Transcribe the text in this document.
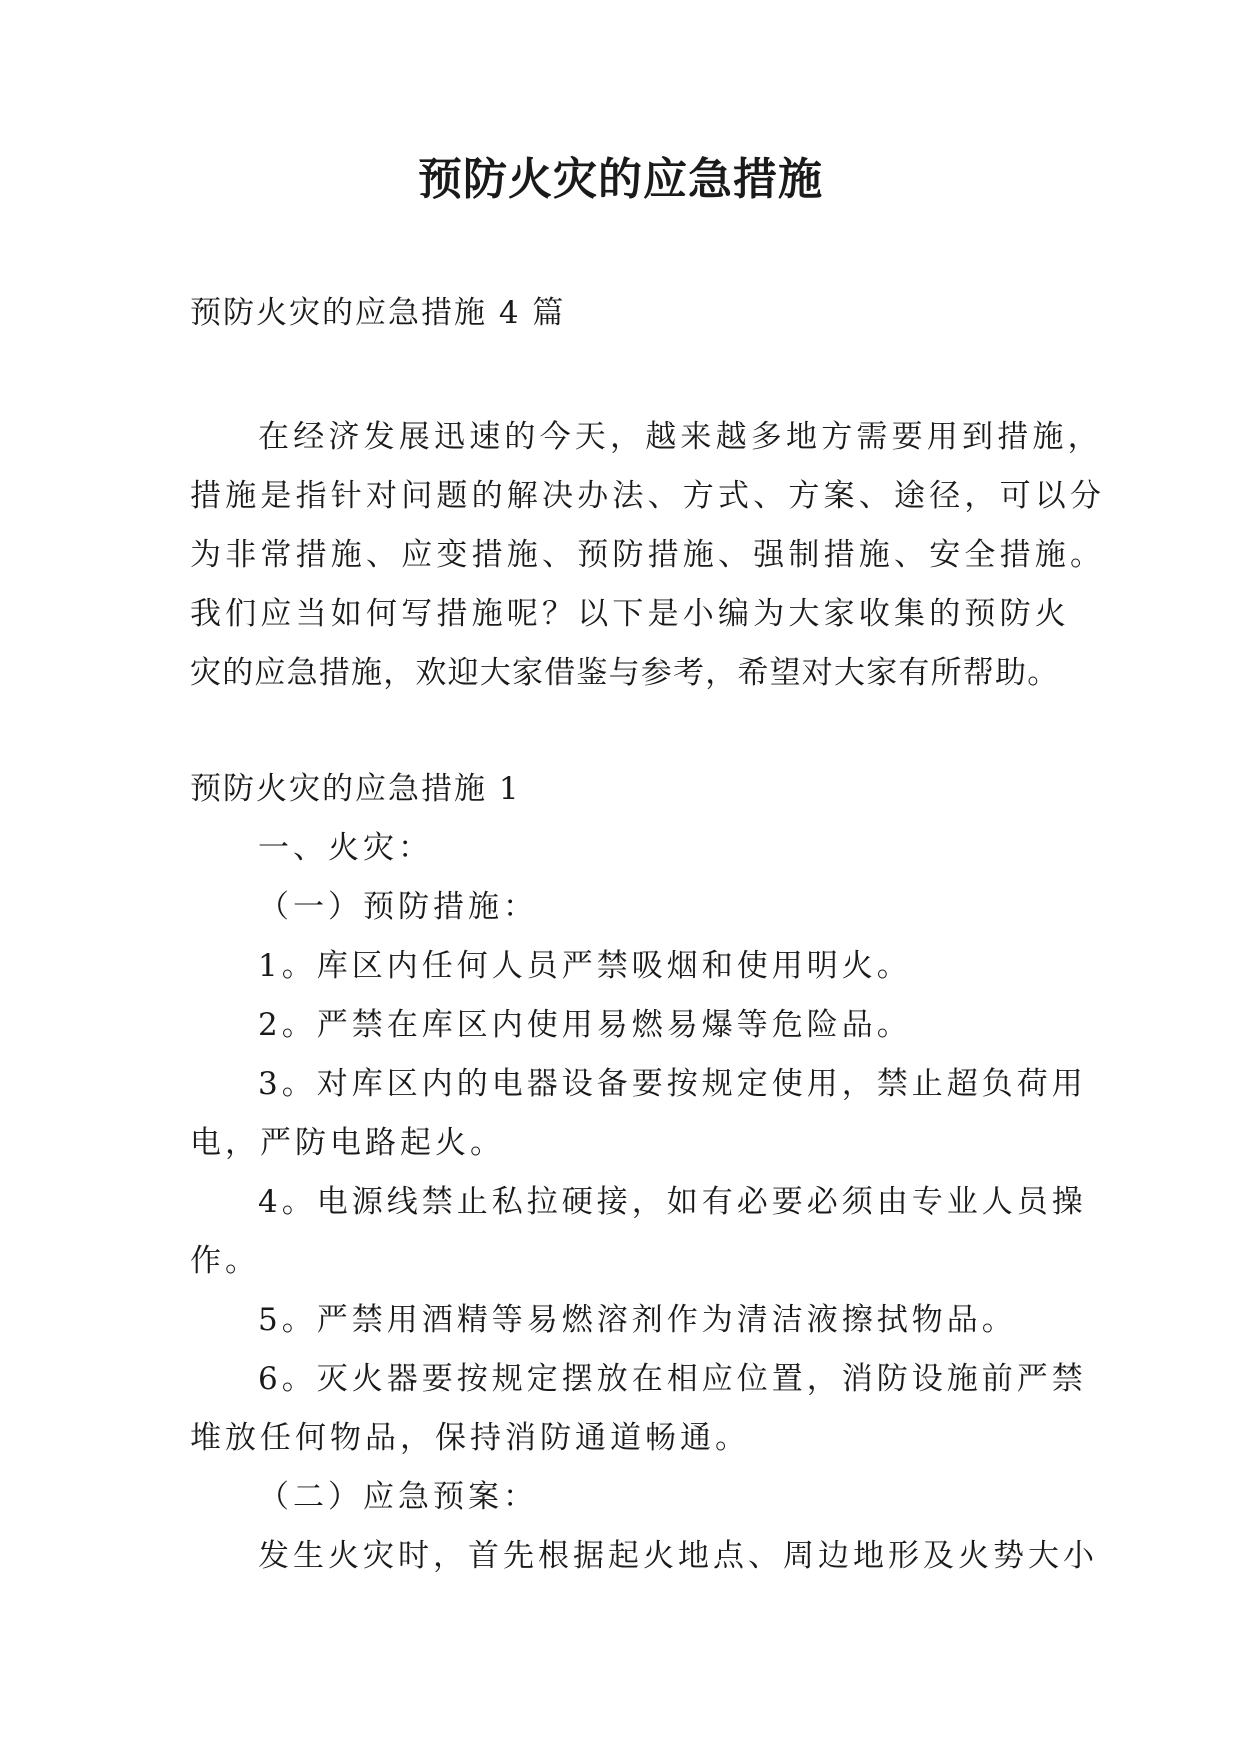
预防火灾的应急措施

预防火灾的应急措施 4 篇

在经济发展迅速的今天，越来越多地方需要用到措施，
措施是指针对问题的解决办法、方式、方案、途径，可以分
为非常措施、应变措施、预防措施、强制措施、安全措施。
我们应当如何写措施呢？以下是小编为大家收集的预防火
灾的应急措施，欢迎大家借鉴与参考，希望对大家有所帮助。
预防火灾的应急措施 1
一、火灾：
（一）预防措施：
1。库区内任何人员严禁吸烟和使用明火。
2。严禁在库区内使用易燃易爆等危险品。
3。对库区内的电器设备要按规定使用，禁止超负荷用
电，严防电路起火。
4。电源线禁止私拉硬接，如有必要必须由专业人员操
作。
5。严禁用酒精等易燃溶剂作为清洁液擦拭物品。
6。灭火器要按规定摆放在相应位置，消防设施前严禁
堆放任何物品，保持消防通道畅通。
（二）应急预案：
发生火灾时，首先根据起火地点、周边地形及火势大小
